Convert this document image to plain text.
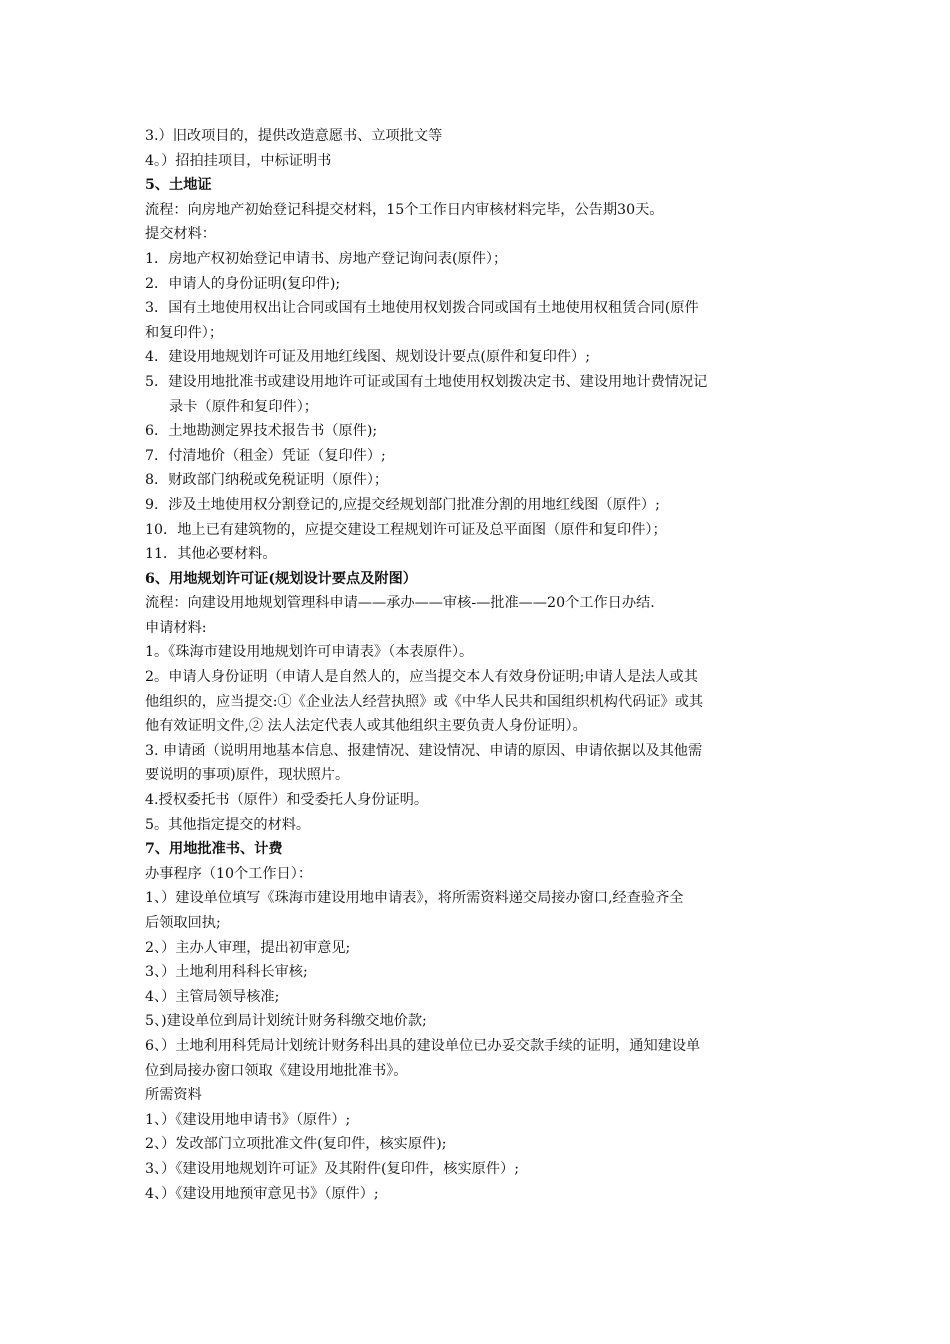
3.）旧改项目的，提供改造意愿书、立项批文等
4。）招拍挂项目，中标证明书
5、土地证
流程：向房地产初始登记科提交材料，15个工作日内审核材料完毕，公告期30天。
提交材料：
1．房地产权初始登记申请书、房地产登记询问表(原件）；
2．申请人的身份证明(复印件);
3．国有土地使用权出让合同或国有土地使用权划拨合同或国有土地使用权租赁合同(原件
和复印件）；
4．建设用地规划许可证及用地红线图、规划设计要点(原件和复印件）;
5．建设用地批准书或建设用地许可证或国有土地使用权划拨决定书、建设用地计费情况记
录卡（原件和复印件）；
6．土地勘测定界技术报告书（原件);
7．付清地价（租金）凭证（复印件）;
8．财政部门纳税或免税证明（原件）；
9．涉及土地使用权分割登记的,应提交经规划部门批准分割的用地红线图（原件）;
10．地上已有建筑物的，应提交建设工程规划许可证及总平面图（原件和复印件）；
11．其他必要材料。
6、用地规划许可证(规划设计要点及附图）
流程：向建设用地规划管理科申请——承办——审核-—批准——20个工作日办结.
申请材料:
1。《珠海市建设用地规划许可申请表》（本表原件）。
2。申请人身份证明（申请人是自然人的，应当提交本人有效身份证明;申请人是法人或其
他组织的，应当提交:①《企业法人经营执照》或《中华人民共和国组织机构代码证》或其
他有效证明文件,② 法人法定代表人或其他组织主要负责人身份证明）。
3. 申请函（说明用地基本信息、报建情况、建设情况、申请的原因、申请依据以及其他需
要说明的事项)原件，现状照片。
4.授权委托书（原件）和受委托人身份证明。
5。其他指定提交的材料。
7、用地批准书、计费
办事程序（10个工作日）：
1、）建设单位填写《珠海市建设用地申请表》，将所需资料递交局接办窗口,经查验齐全
后领取回执;
2、）主办人审理，提出初审意见;
3、）土地利用科科长审核;
4、）主管局领导核准;
5、)建设单位到局计划统计财务科缴交地价款;
6、）土地利用科凭局计划统计财务科出具的建设单位已办妥交款手续的证明，通知建设单
位到局接办窗口领取《建设用地批准书》。
所需资料
1、）《建设用地申请书》（原件）;
2、）发改部门立项批准文件(复印件，核实原件);
3、）《建设用地规划许可证》及其附件(复印件，核实原件）;
4、）《建设用地预审意见书》（原件）;
